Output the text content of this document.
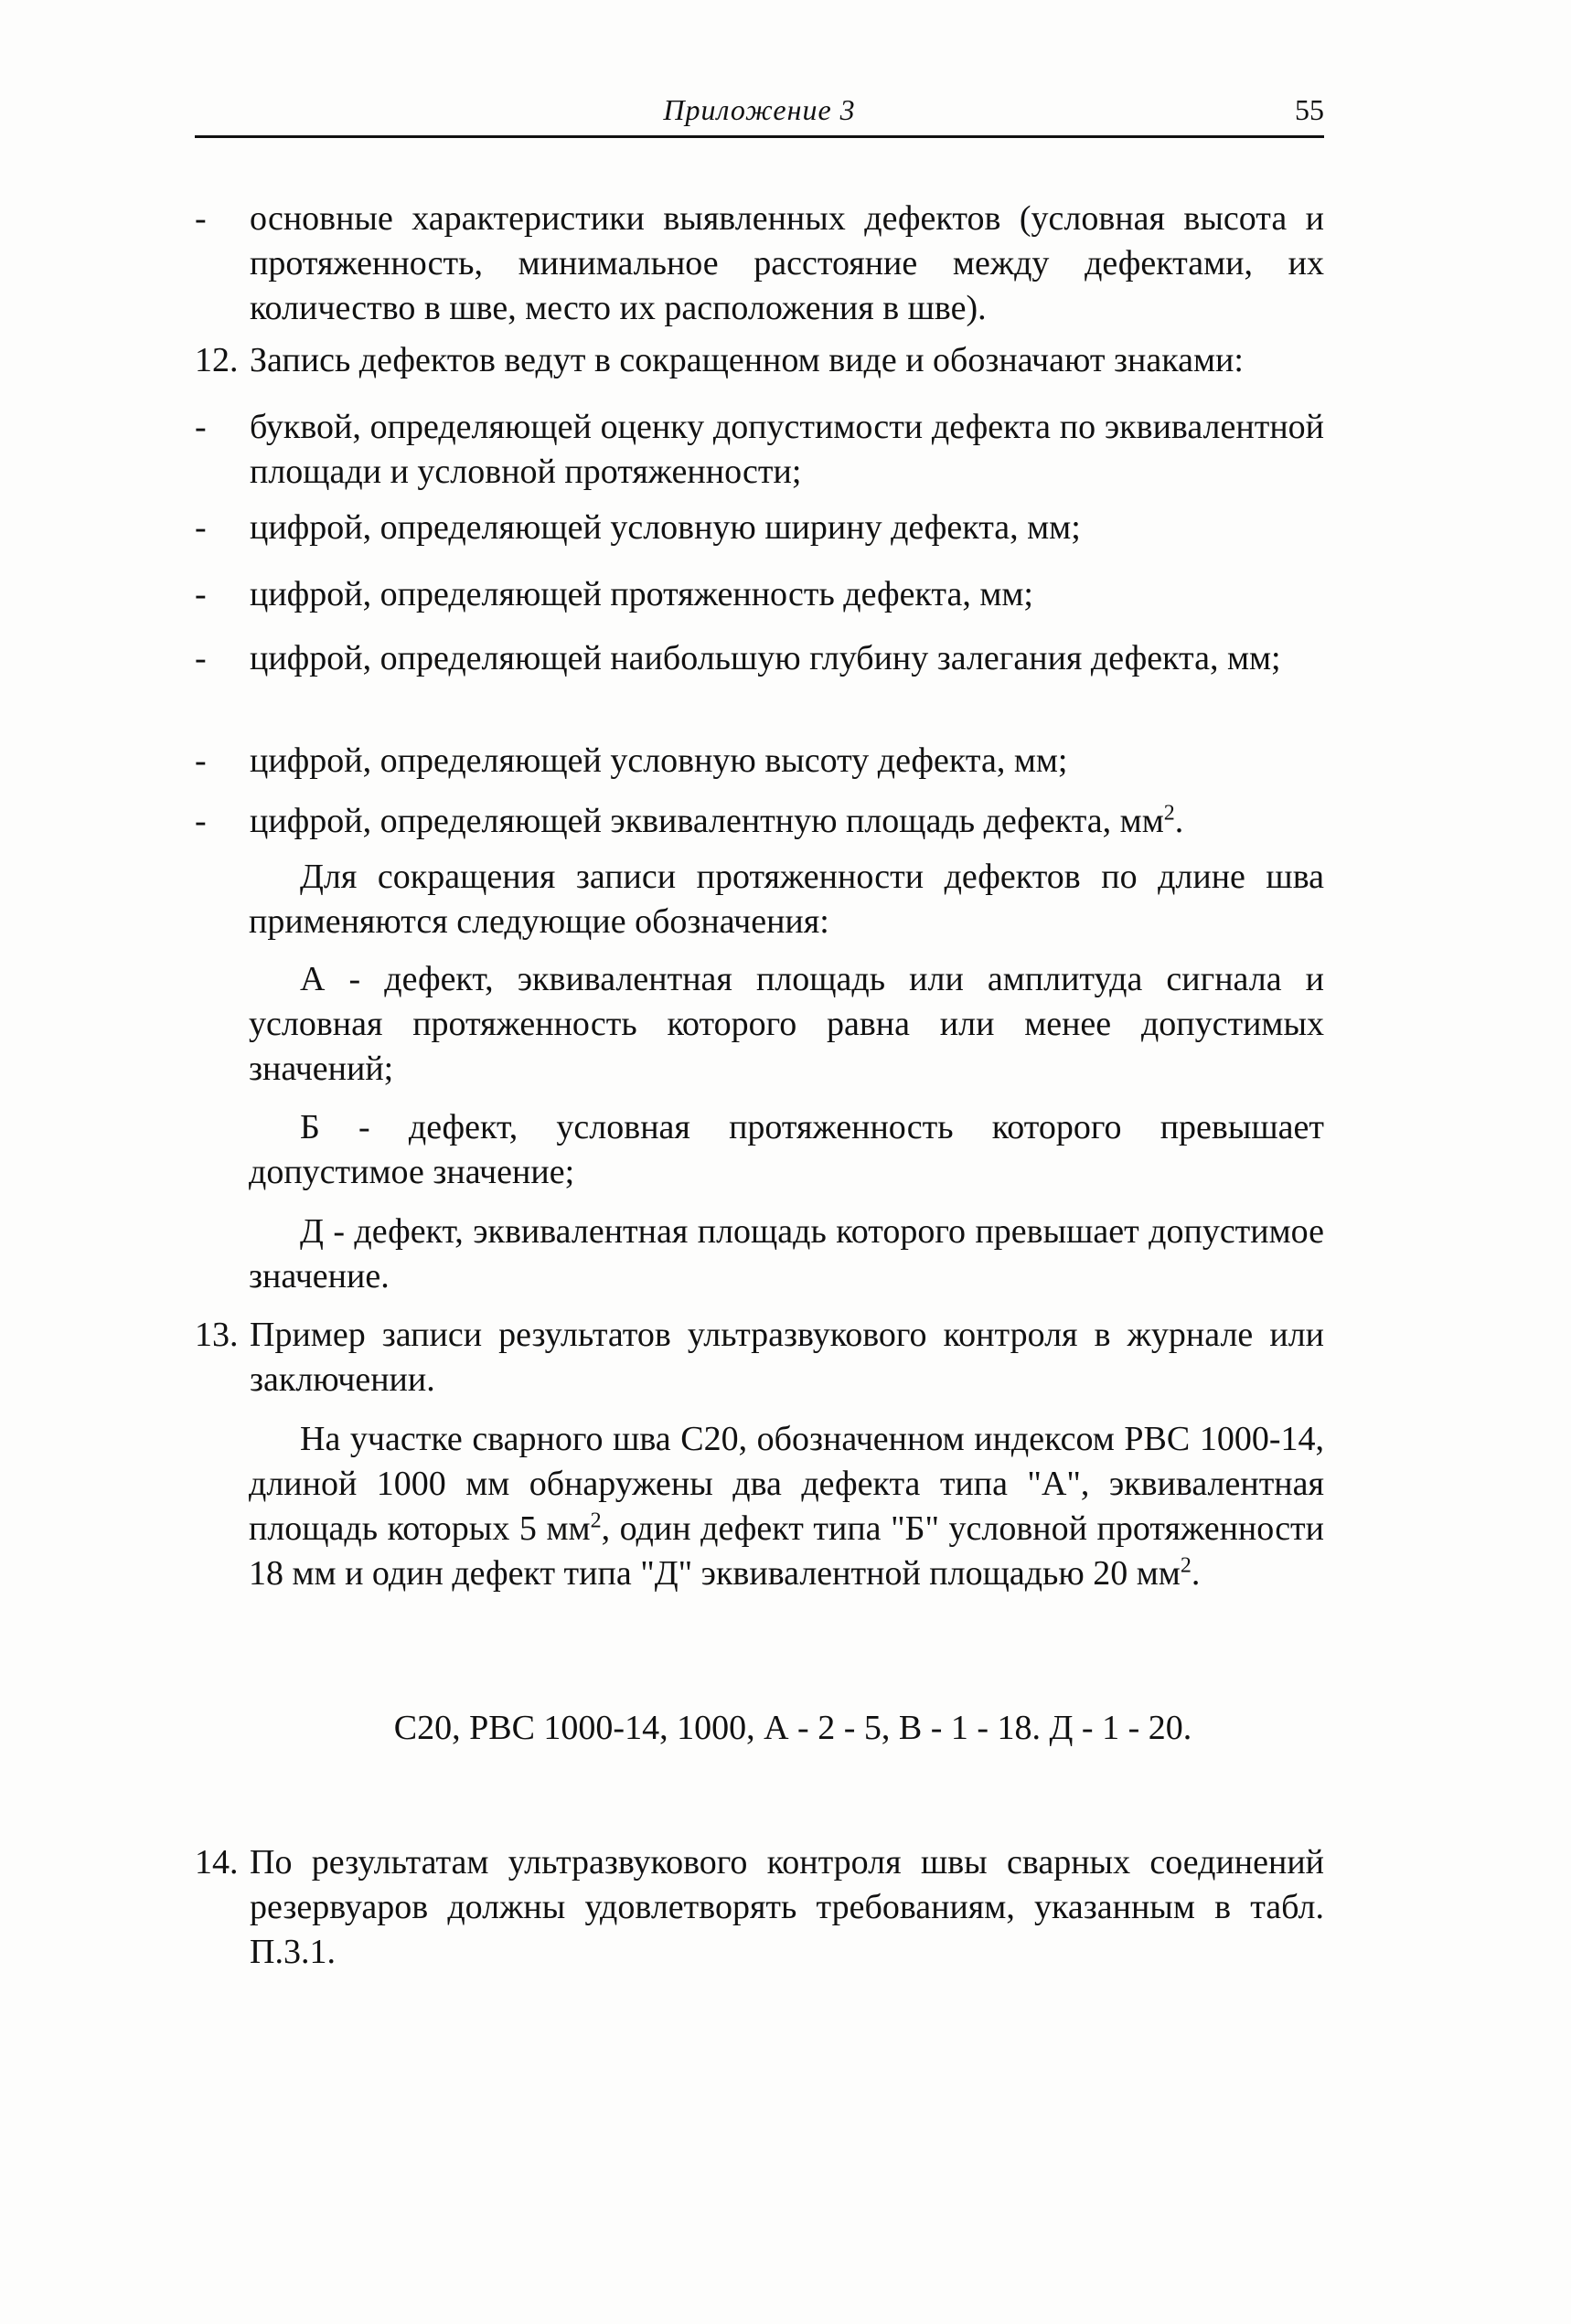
Приложение 3	55
-	основные характеристики выявленных дефектов (условная высота и протяженность, минимальное расстояние между дефектами, их количество в шве, место их расположения в шве).
12. Запись дефектов ведут в сокращенном виде и обозначают знаками:
-	буквой, определяющей оценку допустимости дефекта по эквивалентной площади и условной протяженности;
-	цифрой, определяющей условную ширину дефекта, мм;
-	цифрой, определяющей протяженность дефекта, мм;
-	цифрой, определяющей наибольшую глубину залегания дефекта, мм;
-	цифрой, определяющей условную высоту дефекта, мм;
-	цифрой, определяющей эквивалентную площадь дефекта, $мм^2$.
Для сокращения записи протяженности дефектов по длине шва применяются следующие обозначения:
А - дефект, эквивалентная площадь или амплитуда сигнала и условная протяженность которого равна или менее допустимых значений;
Б - дефект, условная протяженность которого превышает допустимое значение;
Д - дефект, эквивалентная площадь которого превышает допустимое значение.
13. Пример записи результатов ультразвукового контроля в журнале или заключении.
На участке сварного шва С20, обозначенном индексом РВС 1000-14, длиной 1000 мм обнаружены два дефекта типа "А", эквивалентная площадь которых 5 $мм^2$, один дефект типа "Б" условной протяженности 18 мм и один дефект типа "Д" эквивалентной площадью 20 $мм^2$.
С20, РВС 1000-14, 1000, А - 2 - 5, В - 1 - 18. Д - 1 - 20.
14. По результатам ультразвукового контроля швы сварных соединений резервуаров должны удовлетворять требованиям, указанным в табл. П.3.1.
